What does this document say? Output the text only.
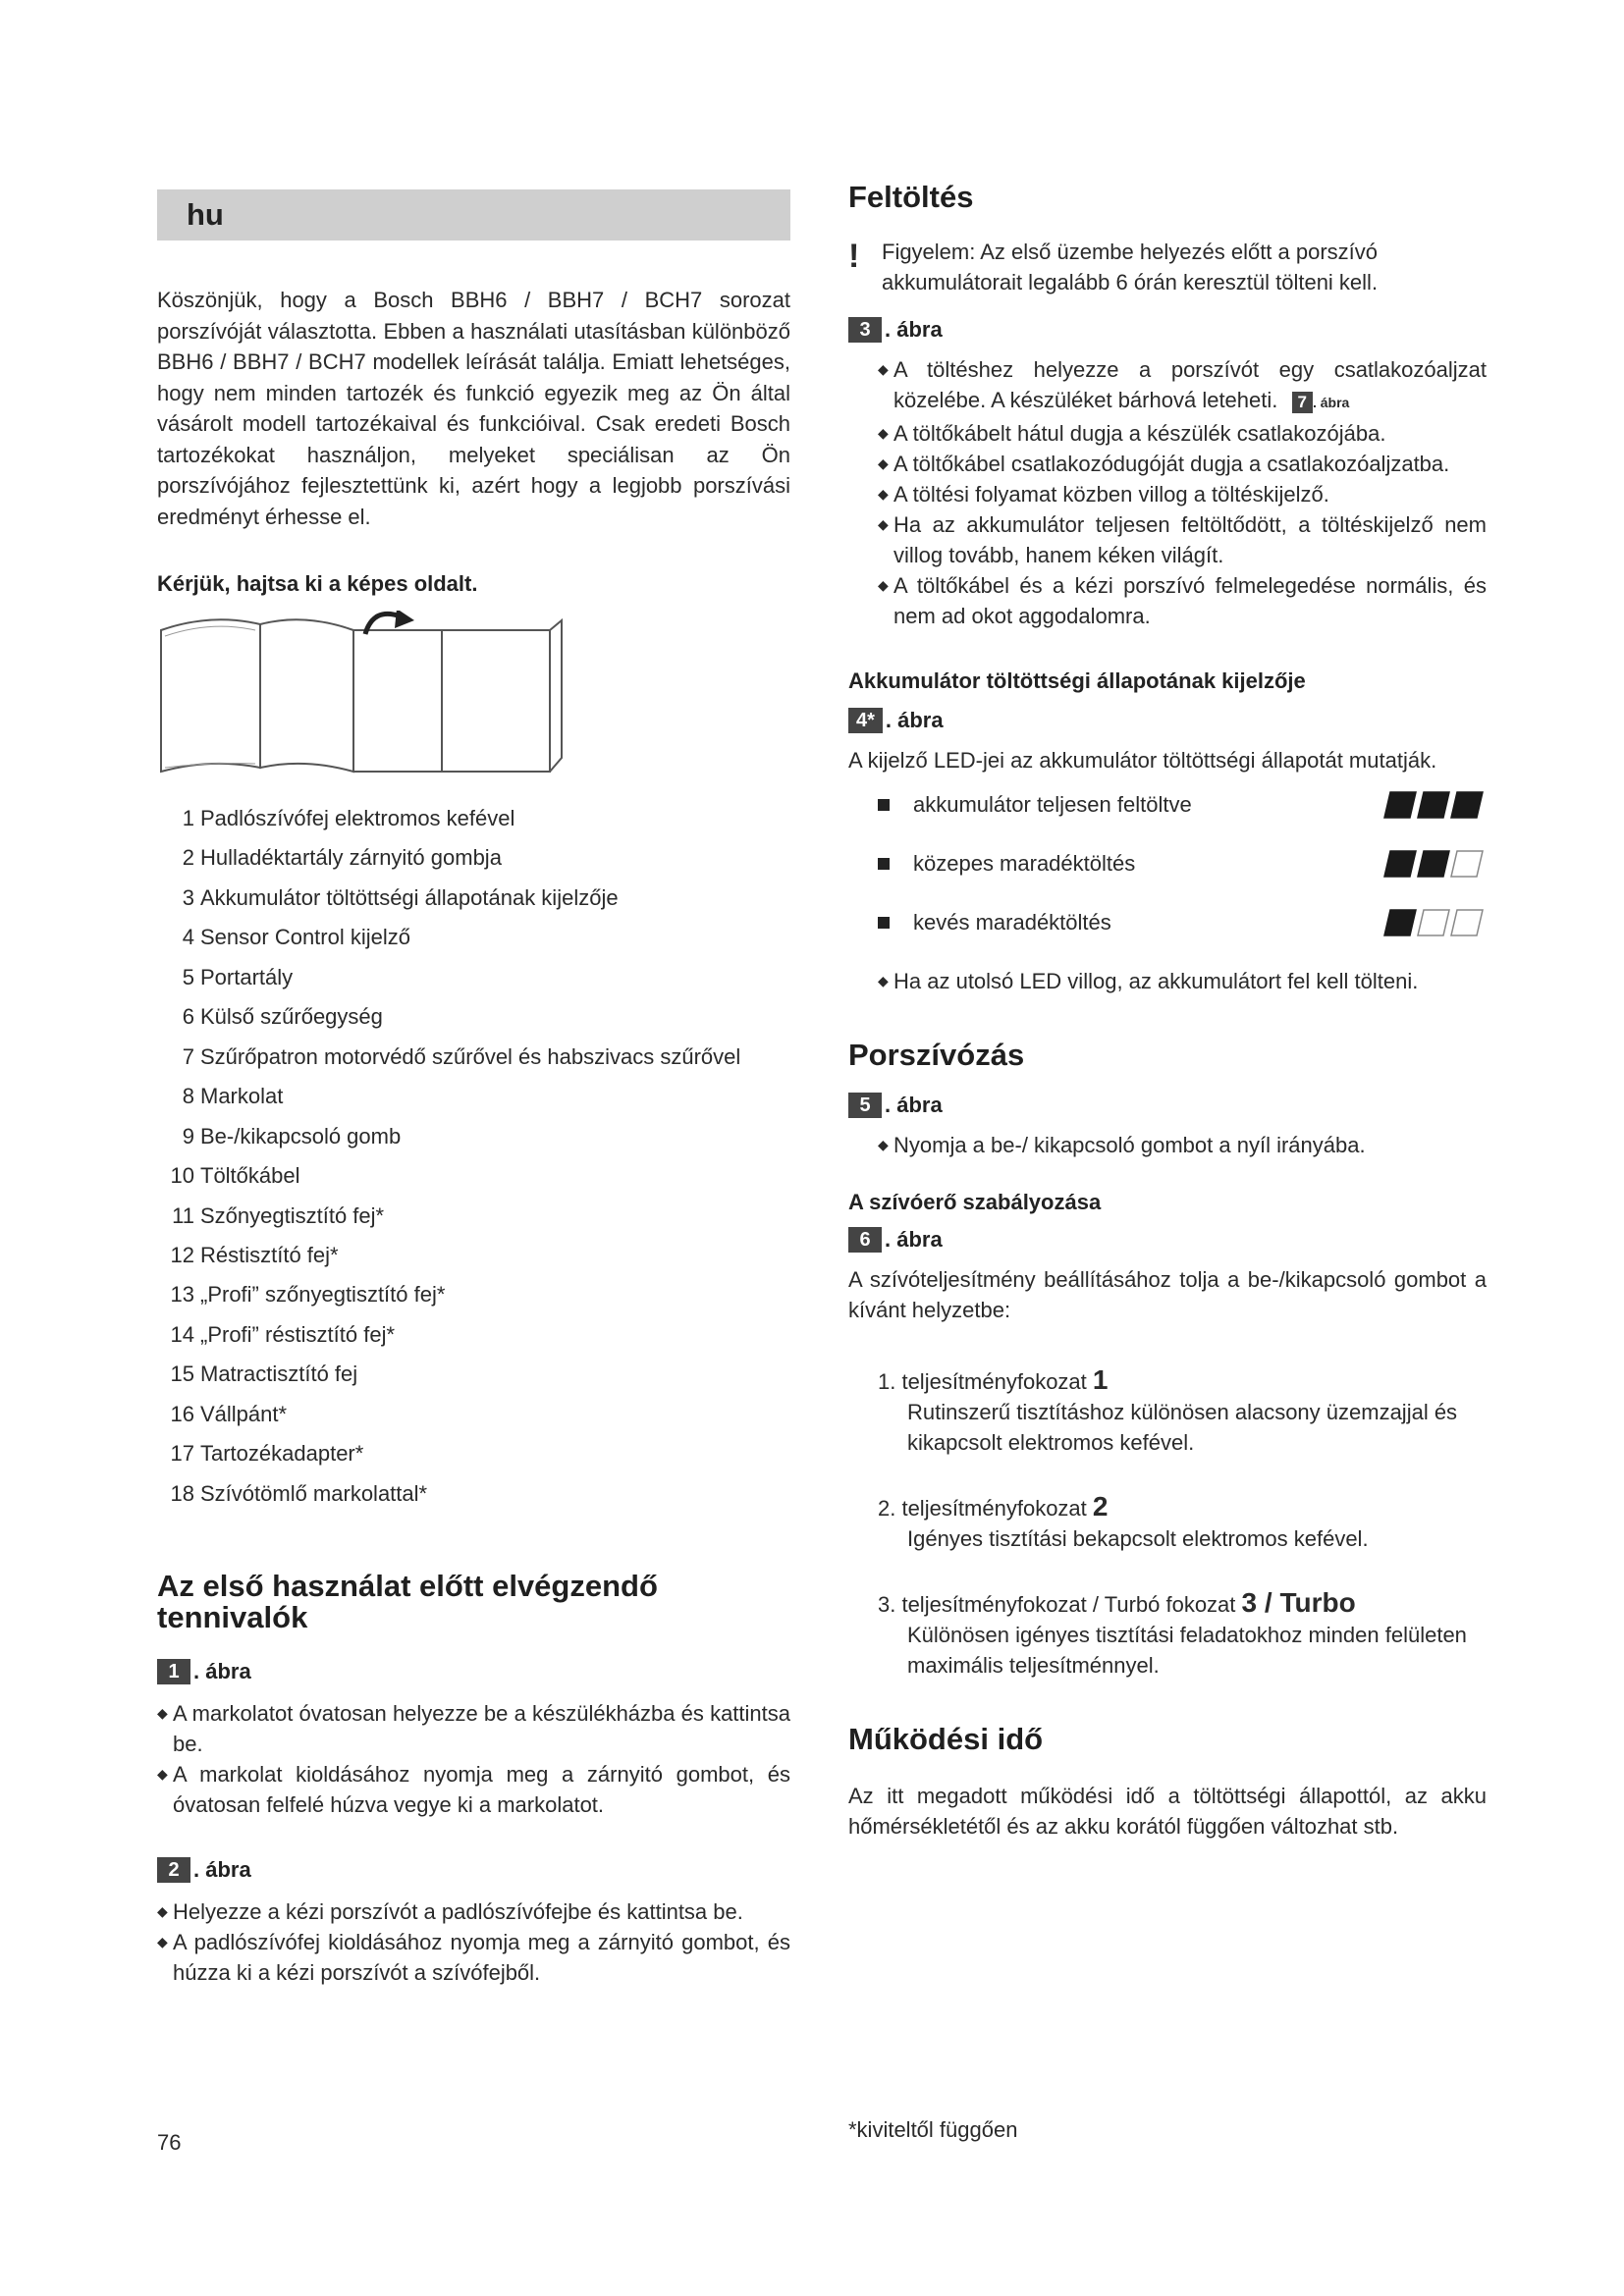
hu
Köszönjük, hogy a Bosch BBH6 / BBH7 / BCH7 sorozat porszívóját választotta. Ebben a használati utasításban különböző BBH6 / BBH7 / BCH7 modellek leírását találja. Emiatt lehetséges, hogy nem minden tartozék és funkció egyezik meg az Ön által vásárolt modell tartozékaival és funkcióival. Csak eredeti Bosch tartozékokat használjon, melyeket speciálisan az Ön porszívójához fejlesztettünk ki, azért hogy a legjobb porszívási eredményt érhesse el.
Kérjük, hajtsa ki a képes oldalt.
1 Padlószívófej elektromos kefével
2 Hulladéktartály zárnyitó gombja
3 Akkumulátor töltöttségi állapotának kijelzője
4 Sensor Control kijelző
5 Portartály
6 Külső szűrőegység
7 Szűrőpatron motorvédő szűrővel és habszivacs szűrővel
8 Markolat
9 Be-/kikapcsoló gomb
10 Töltőkábel
11 Szőnyegtisztító fej*
12 Réstisztító fej*
13 „Profi” szőnyegtisztító fej*
14 „Profi” réstisztító fej*
15 Matractisztító fej
16 Vállpánt*
17 Tartozékadapter*
18 Szívótömlő markolattal*
Az első használat előtt elvégzendő tennivalók
1 . ábra
◆ A markolatot óvatosan helyezze be a készülékházba és kattintsa be.
◆ A markolat kioldásához nyomja meg a zárnyitó gombot, és óvatosan felfelé húzva vegye ki a markolatot.
2 . ábra
◆ Helyezze a kézi porszívót a padlószívófejbe és kattintsa be.
◆ A padlószívófej kioldásához nyomja meg a zárnyitó gombot, és húzza ki a kézi porszívót a szívófejből.
76
Feltöltés
!	Figyelem: Az első üzembe helyezés előtt a porszívó akkumulátorait legalább 6 órán keresztül tölteni kell.
3 . ábra
◆ A töltéshez helyezze a porszívót egy csatlakozóaljzat közelébe. A készüléket bárhová leteheti. 7 . ábra
◆ A töltőkábelt hátul dugja a készülék csatlakozójába.
◆ A töltőkábel csatlakozódugóját dugja a csatlakozóaljzatba.
◆ A töltési folyamat közben villog a töltéskijelző.
◆ Ha az akkumulátor teljesen feltöltődött, a töltéskijelző nem villog tovább, hanem kéken világít.
◆ A töltőkábel és a kézi porszívó felmelegedése normális, és nem ad okot aggodalomra.
Akkumulátor töltöttségi állapotának kijelzője
4* . ábra
A kijelző LED-jei az akkumulátor töltöttségi állapotát mutatják.
akkumulátor teljesen feltöltve
közepes maradéktöltés
kevés maradéktöltés
◆ Ha az utolsó LED villog, az akkumulátort fel kell tölteni.
Porszívózás
5 . ábra
◆ Nyomja a be-/ kikapcsoló gombot a nyíl irányába.
A szívóerő szabályozása
6 . ábra
A szívóteljesítmény beállításához tolja a be-/kikapcsoló gombot a kívánt helyzetbe:
1. teljesítményfokozat 1
Rutinszerű tisztításhoz különösen alacsony üzemzajjal és kikapcsolt elektromos kefével.
2. teljesítményfokozat 2
Igényes tisztítási bekapcsolt elektromos kefével.
3. teljesítményfokozat / Turbó fokozat 3 / Turbo
Különösen igényes tisztítási feladatokhoz minden felületen maximális teljesítménnyel.
Működési idő
Az itt megadott működési idő a töltöttségi állapottól, az akku hőmérsékletétől és az akku korától függően változhat stb.
*kiviteltől függően
